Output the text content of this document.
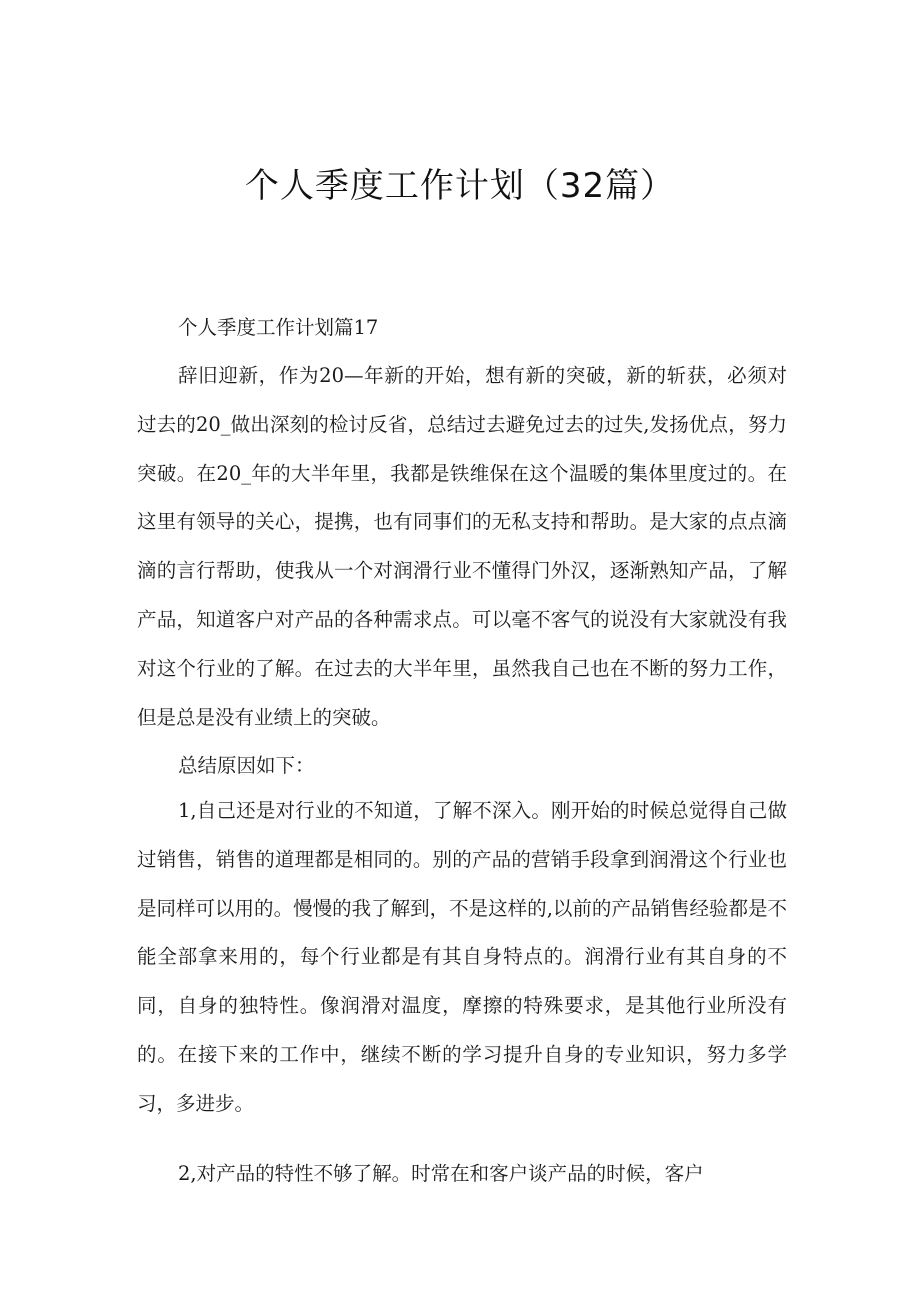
个人季度工作计划（32篇）

个人季度工作计划篇17

辞旧迎新，作为20—年新的开始，想有新的突破，新的斩获，必须对过去的20_做出深刻的检讨反省，总结过去避免过去的过失,发扬优点，努力突破。在20_年的大半年里，我都是铁维保在这个温暖的集体里度过的。在这里有领导的关心，提携，也有同事们的无私支持和帮助。是大家的点点滴滴的言行帮助，使我从一个对润滑行业不懂得门外汉，逐渐熟知产品，了解产品，知道客户对产品的各种需求点。可以毫不客气的说没有大家就没有我对这个行业的了解。在过去的大半年里，虽然我自己也在不断的努力工作，但是总是没有业绩上的突破。

总结原因如下：

1,自己还是对行业的不知道，了解不深入。刚开始的时候总觉得自己做过销售，销售的道理都是相同的。别的产品的营销手段拿到润滑这个行业也是同样可以用的。慢慢的我了解到，不是这样的,以前的产品销售经验都是不能全部拿来用的，每个行业都是有其自身特点的。润滑行业有其自身的不同，自身的独特性。像润滑对温度，摩擦的特殊要求，是其他行业所没有的。在接下来的工作中，继续不断的学习提升自身的专业知识，努力多学习，多进步。

2,对产品的特性不够了解。时常在和客户谈产品的时候，客户
